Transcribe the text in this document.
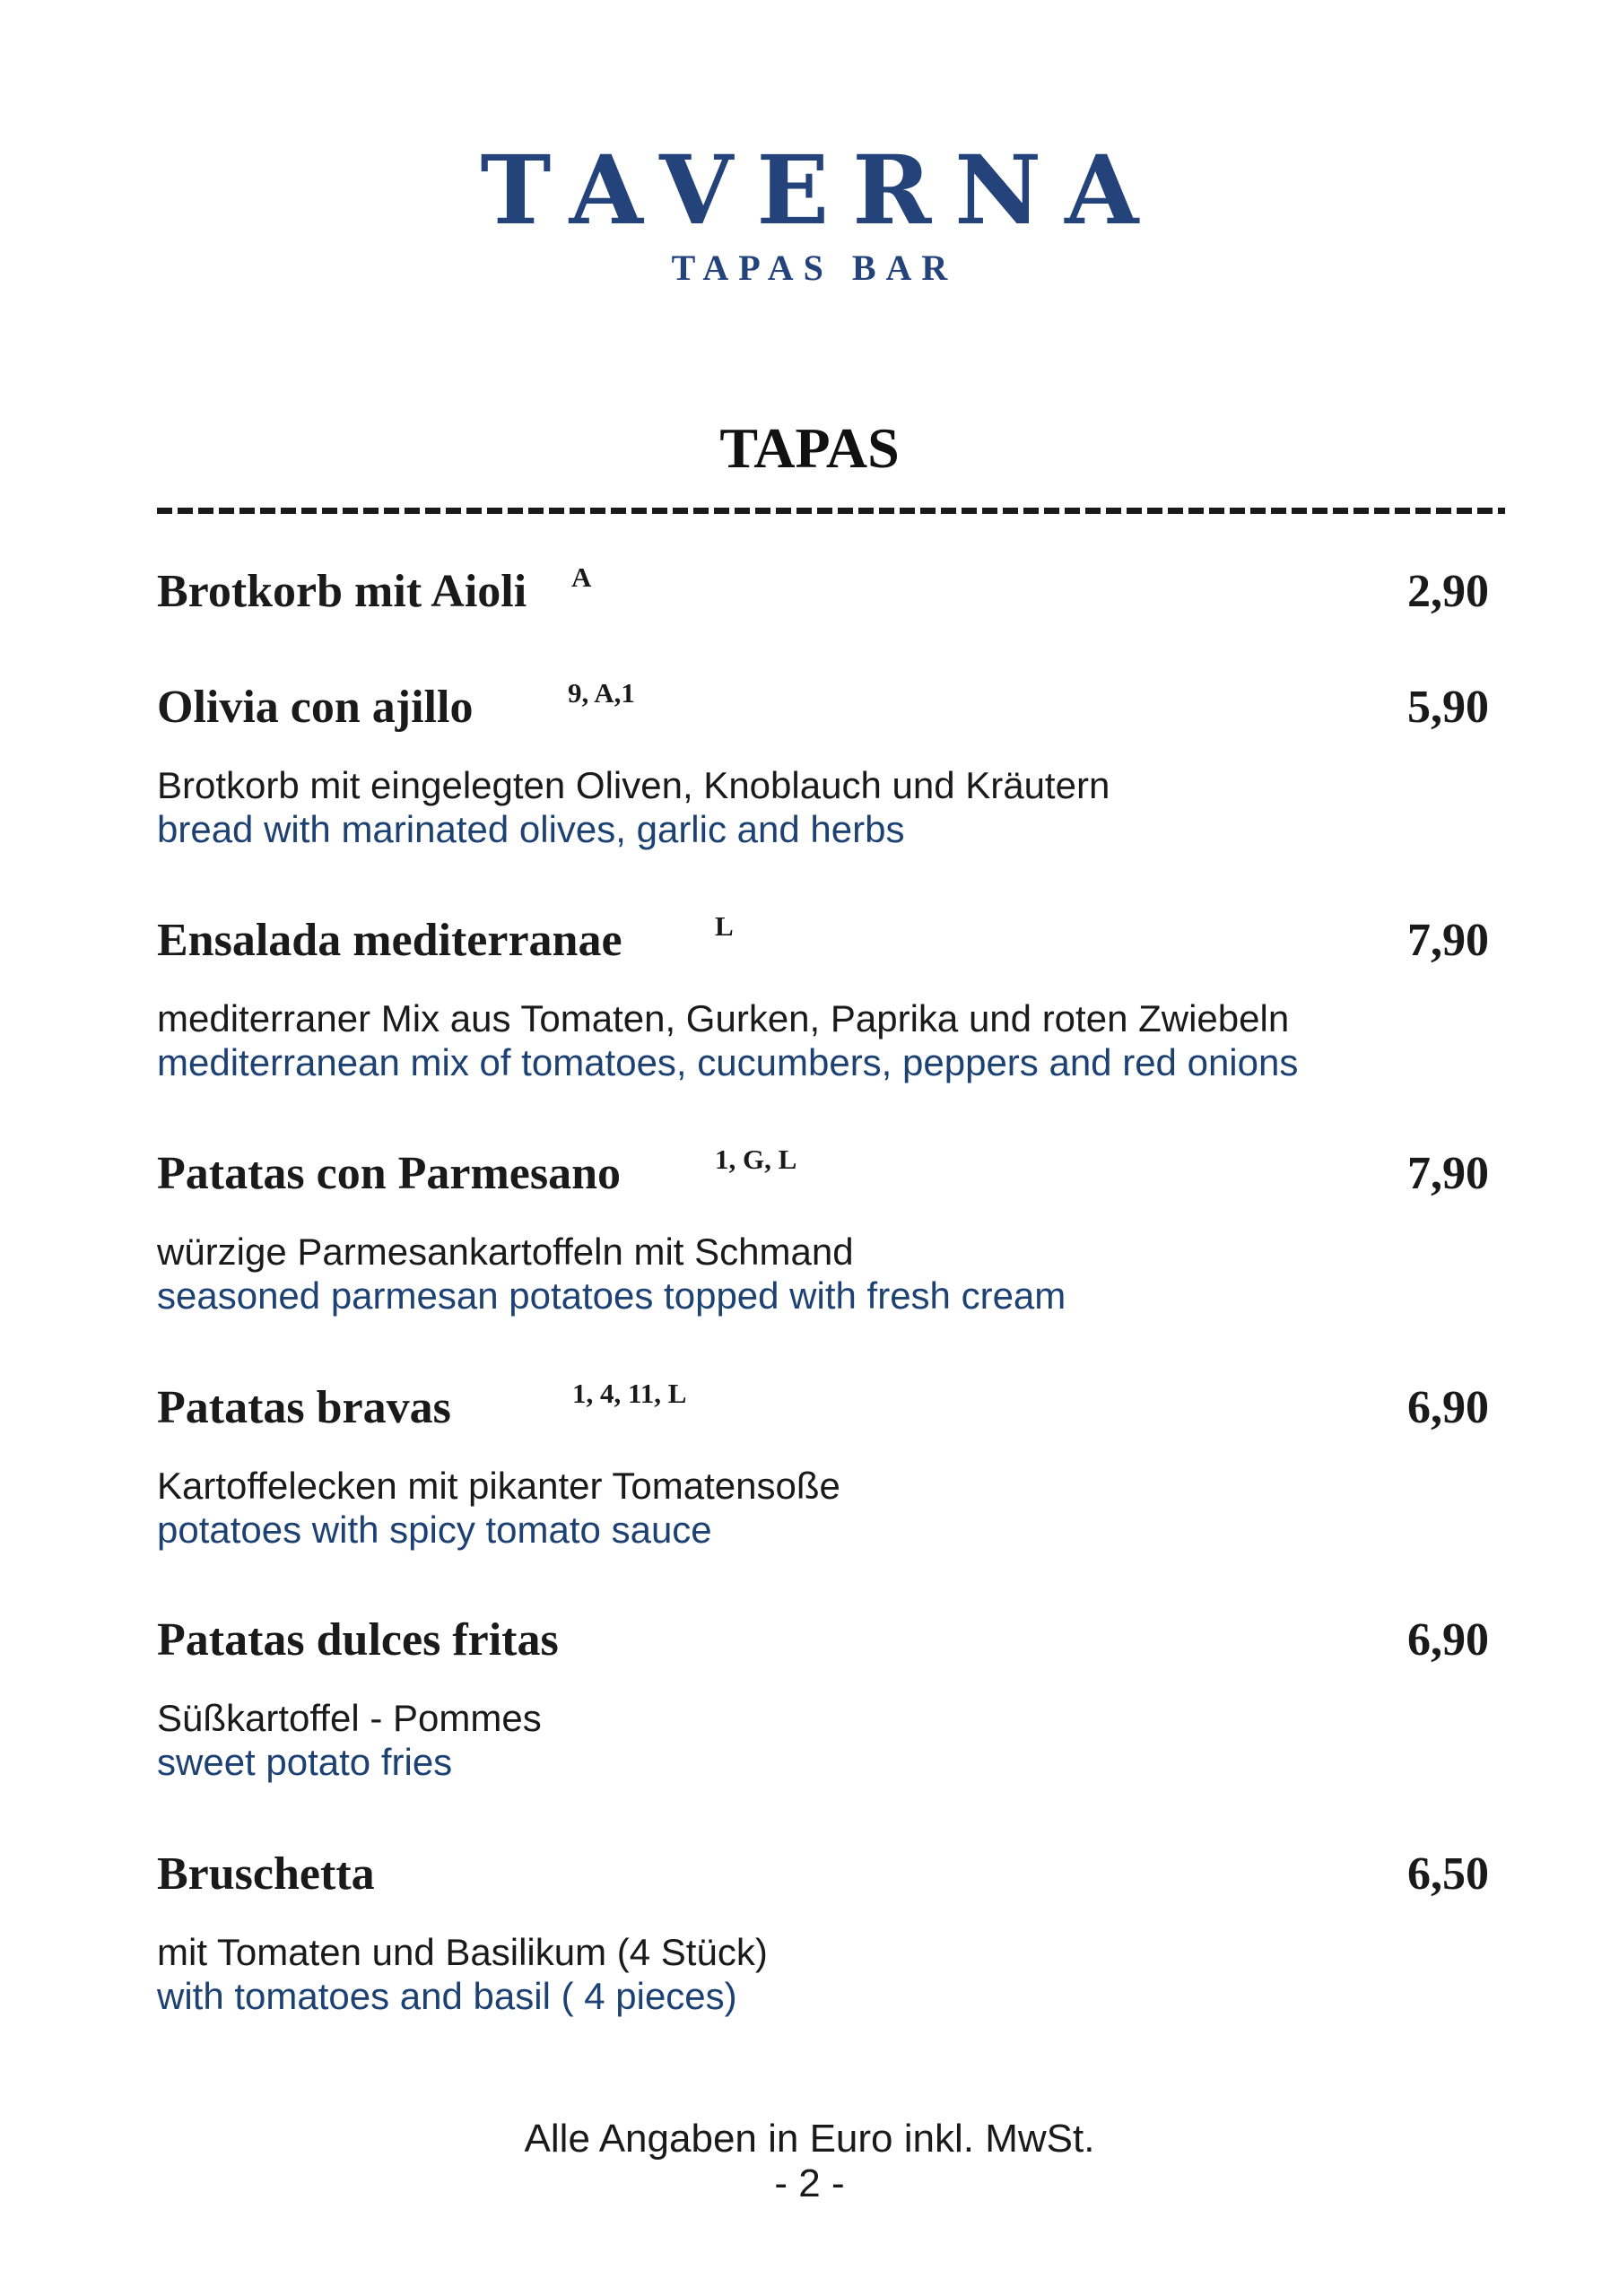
TAVERNA
TAPAS BAR
TAPAS
Brotkorb mit Aioli A	2,90
Olivia con ajillo	9, A,1	5,90
Brotkorb mit eingelegten Oliven, Knoblauch und Kräutern
bread with marinated olives, garlic and herbs
Ensalada mediterranae	L	7,90
mediterraner Mix aus Tomaten, Gurken, Paprika und roten Zwiebeln
mediterranean mix of tomatoes, cucumbers, peppers and red onions
Patatas con Parmesano	1, G, L	7,90
würzige Parmesankartoffeln mit Schmand
seasoned parmesan potatoes topped with fresh cream
Patatas bravas	1, 4, 11, L	6,90
Kartoffelecken mit pikanter Tomatensoße
potatoes with spicy tomato sauce
Patatas dulces fritas	6,90
Süßkartoffel - Pommes
sweet potato fries
Bruschetta	6,50
mit Tomaten und Basilikum (4 Stück)
with tomatoes and basil ( 4 pieces)
Alle Angaben in Euro inkl. MwSt.
- 2 -
